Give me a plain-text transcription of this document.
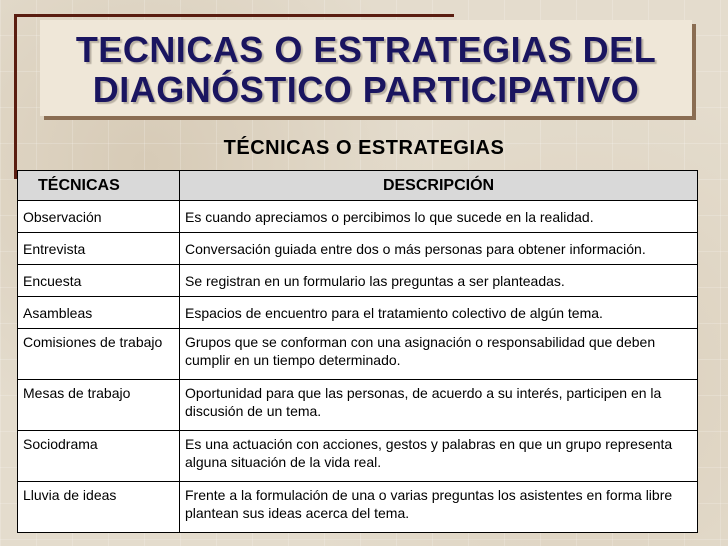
TECNICAS O ESTRATEGIAS DEL
DIAGNÓSTICO PARTICIPATIVO
TÉCNICAS O ESTRATEGIAS
TÉCNICAS	DESCRIPCIÓN
Observación	Es cuando apreciamos o percibimos lo que sucede en la realidad.
Entrevista	Conversación guiada entre dos o más personas para obtener información.
Encuesta	Se registran en un formulario las preguntas a ser planteadas.
Asambleas	Espacios de encuentro para el tratamiento colectivo de algún tema.
Comisiones de trabajo	Grupos que se conforman con una asignación o responsabilidad que deben cumplir en un tiempo determinado.
Mesas de trabajo	Oportunidad para que las personas, de acuerdo a su interés, participen en la discusión de un tema.
Sociodrama	Es una actuación con acciones, gestos y palabras en que un grupo representa alguna situación de la vida real.
Lluvia de ideas	Frente a la formulación de una o varias preguntas los asistentes en forma libre plantean sus ideas acerca del tema.
